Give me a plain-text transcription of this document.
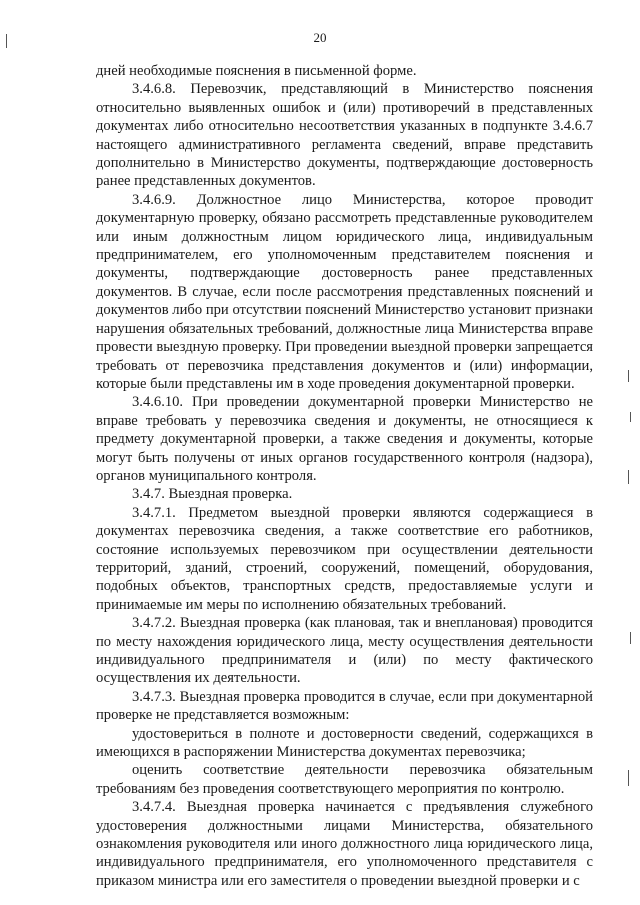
20

дней необходимые пояснения в письменной форме.

3.4.6.8. Перевозчик, представляющий в Министерство пояснения относительно выявленных ошибок и (или) противоречий в представленных документах либо относительно несоответствия указанных в подпункте 3.4.6.7 настоящего административного регламента сведений, вправе представить дополнительно в Министерство документы, подтверждающие достоверность ранее представленных документов.

3.4.6.9. Должностное лицо Министерства, которое проводит документарную проверку, обязано рассмотреть представленные руководителем или иным должностным лицом юридического лица, индивидуальным предпринимателем, его уполномоченным представителем пояснения и документы, подтверждающие достоверность ранее представленных документов. В случае, если после рассмотрения представленных пояснений и документов либо при отсутствии пояснений Министерство установит признаки нарушения обязательных требований, должностные лица Министерства вправе провести выездную проверку. При проведении выездной проверки запрещается требовать от перевозчика представления документов и (или) информации, которые были представлены им в ходе проведения документарной проверки.

3.4.6.10. При проведении документарной проверки Министерство не вправе требовать у перевозчика сведения и документы, не относящиеся к предмету документарной проверки, а также сведения и документы, которые могут быть получены от иных органов государственного контроля (надзора), органов муниципального контроля.

3.4.7. Выездная проверка.

3.4.7.1. Предметом выездной проверки являются содержащиеся в документах перевозчика сведения, а также соответствие его работников, состояние используемых перевозчиком при осуществлении деятельности территорий, зданий, строений, сооружений, помещений, оборудования, подобных объектов, транспортных средств, предоставляемые услуги и принимаемые им меры по исполнению обязательных требований.

3.4.7.2. Выездная проверка (как плановая, так и внеплановая) проводится по месту нахождения юридического лица, месту осуществления деятельности индивидуального предпринимателя и (или) по месту фактического осуществления их деятельности.

3.4.7.3. Выездная проверка проводится в случае, если при документарной проверке не представляется возможным:

удостовериться в полноте и достоверности сведений, содержащихся в имеющихся в распоряжении Министерства документах перевозчика;

оценить соответствие деятельности перевозчика обязательным требованиям без проведения соответствующего мероприятия по контролю.

3.4.7.4. Выездная проверка начинается с предъявления служебного удостоверения должностными лицами Министерства, обязательного ознакомления руководителя или иного должностного лица юридического лица, индивидуального предпринимателя, его уполномоченного представителя с приказом министра или его заместителя о проведении выездной проверки и с
